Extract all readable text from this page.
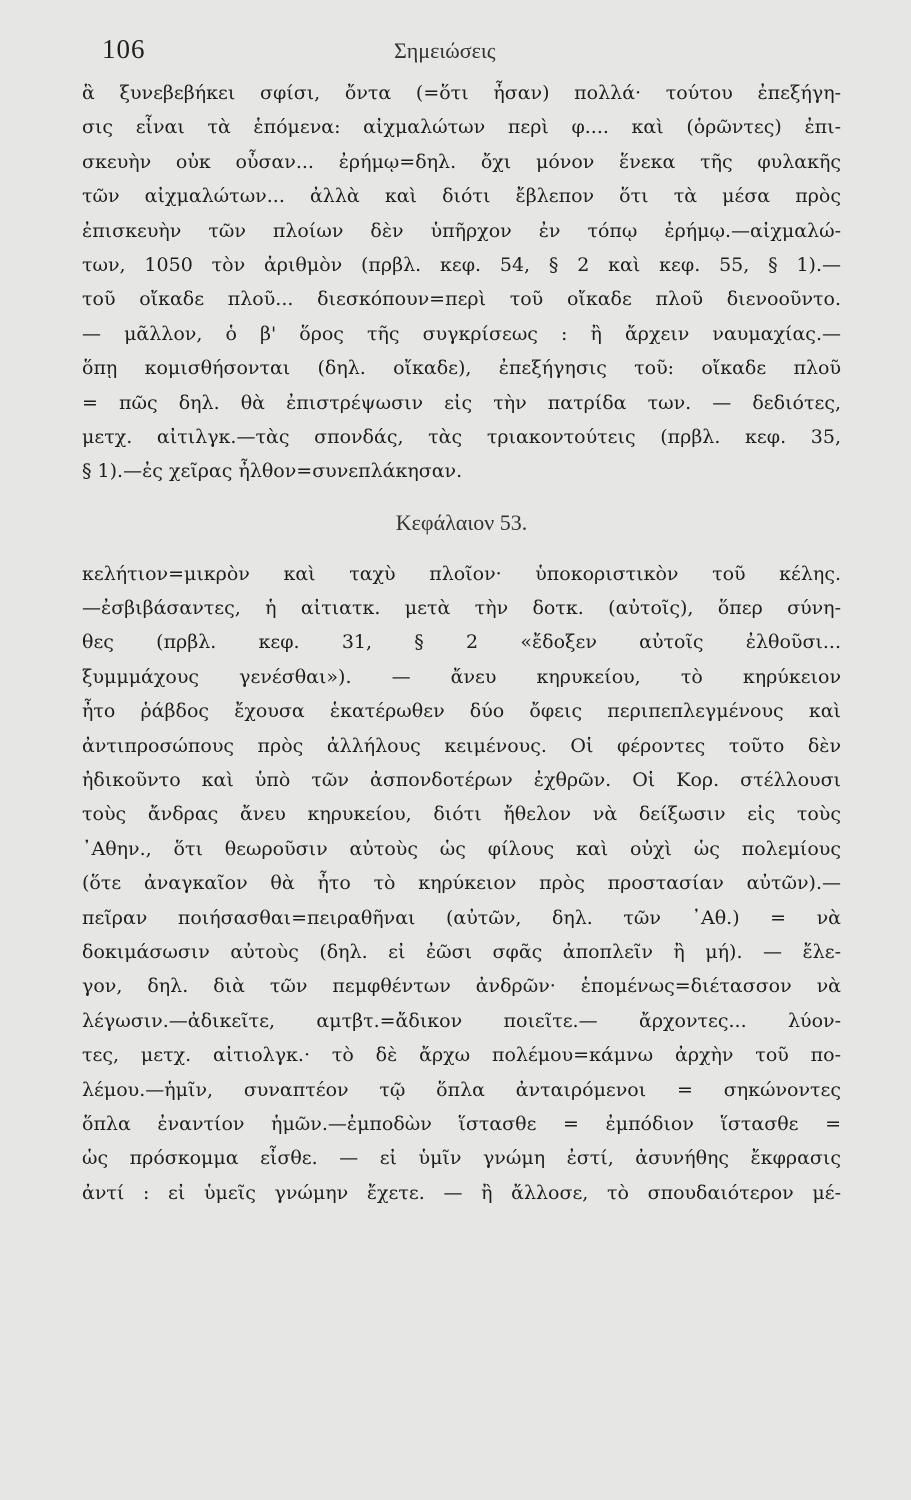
106	Σημειώσεις
ἃ ξυνεβεβήκει σφίσι, ὄντα (=ὅτι ἦσαν) πολλά· τούτου ἐπεξήγη-
σις εἶναι τὰ ἑπόμενα: αἰχμαλώτων περὶ φ.... καὶ (ὁρῶντες) ἐπι-
σκευὴν οὐκ οὖσαν... ἐρήμῳ=δηλ. ὄχι μόνον ἕνεκα τῆς φυλακῆς
τῶν αἰχμαλώτων... ἀλλὰ καὶ διότι ἔβλεπον ὅτι τὰ μέσα πρὸς
ἐπισκευὴν τῶν πλοίων δὲν ὑπῆρχον ἐν τόπῳ ἐρήμῳ.—αἰχμαλώ-
των, 1050 τὸν ἀριθμὸν (πρβλ. κεφ. 54, § 2 καὶ κεφ. 55, § 1).—
τοῦ οἴκαδε πλοῦ... διεσκόπουν=περὶ τοῦ οἴκαδε πλοῦ διενοοῦντο.
— μᾶλλον, ὁ β' ὅρος τῆς συγκρίσεως : ἢ ἄρχειν ναυμαχίας.—
ὅπῃ κομισθήσονται (δηλ. οἴκαδε), ἐπεξήγησις τοῦ: οἴκαδε πλοῦ
= πῶς δηλ. θὰ ἐπιστρέψωσιν εἰς τὴν πατρίδα των. — δεδιότες,
μετχ. αἰτιλγκ.—τὰς σπονδάς, τὰς τριακοντούτεις (πρβλ. κεφ. 35,
§ 1).—ἐς χεῖρας ἦλθον=συνεπλάκησαν.
Κεφάλαιον 53.
κελήτιον=μικρὸν καὶ ταχὺ πλοῖον· ὑποκοριστικὸν τοῦ κέλης.
—ἐσβιβάσαντες, ἡ αἰτιατκ. μετὰ τὴν δοτκ. (αὐτοῖς), ὅπερ σύνη-
θες (πρβλ. κεφ. 31, § 2 «ἔδοξεν αὐτοῖς ἐλθοῦσι...
ξυμμμάχους γενέσθαι»). — ἄνευ κηρυκείου, τὸ κηρύκειον
ἦτο ῥάβδος ἔχουσα ἑκατέρωθεν δύο ὄφεις περιπεπλεγμένους καὶ
ἀντιπροσώπους πρὸς ἀλλήλους κειμένους. Οἱ φέροντες τοῦτο δὲν
ἠδικοῦντο καὶ ὑπὸ τῶν ἀσπονδοτέρων ἐχθρῶν. Οἱ Κορ. στέλλουσι
τοὺς ἄνδρας ἄνευ κηρυκείου, διότι ἤθελον νὰ δείξωσιν εἰς τοὺς
᾿Αθην., ὅτι θεωροῦσιν αὐτοὺς ὡς φίλους καὶ οὐχὶ ὡς πολεμίους
(ὅτε ἀναγκαῖον θὰ ἦτο τὸ κηρύκειον πρὸς προστασίαν αὐτῶν).—
πεῖραν ποιήσασθαι=πειραθῆναι (αὐτῶν, δηλ. τῶν ᾿Αθ.) = νὰ
δοκιμάσωσιν αὐτοὺς (δηλ. εἰ ἐῶσι σφᾶς ἀποπλεῖν ἢ μή). — ἔλε-
γον, δηλ. διὰ τῶν πεμφθέντων ἀνδρῶν· ἑπομένως=διέτασσον νὰ
λέγωσιν.—ἀδικεῖτε, αμτβτ.=ἄδικον ποιεῖτε.— ἄρχοντες... λύον-
τες, μετχ. αἰτιολγκ.· τὸ δὲ ἄρχω πολέμου=κάμνω ἀρχὴν τοῦ πο-
λέμου.—ἡμῖν, συναπτέον τῷ ὅπλα ἀνταιρόμενοι = σηκώνοντες
ὅπλα ἐναντίον ἡμῶν.—ἐμποδὼν ἵστασθε = ἐμπόδιον ἵστασθε =
ὡς πρόσκομμα εἶσθε. — εἰ ὑμῖν γνώμη ἐστί, ἀσυνήθης ἔκφρασις
ἀντί : εἰ ὑμεῖς γνώμην ἔχετε. — ἢ ἄλλοσε, τὸ σπουδαιότερον μέ-
